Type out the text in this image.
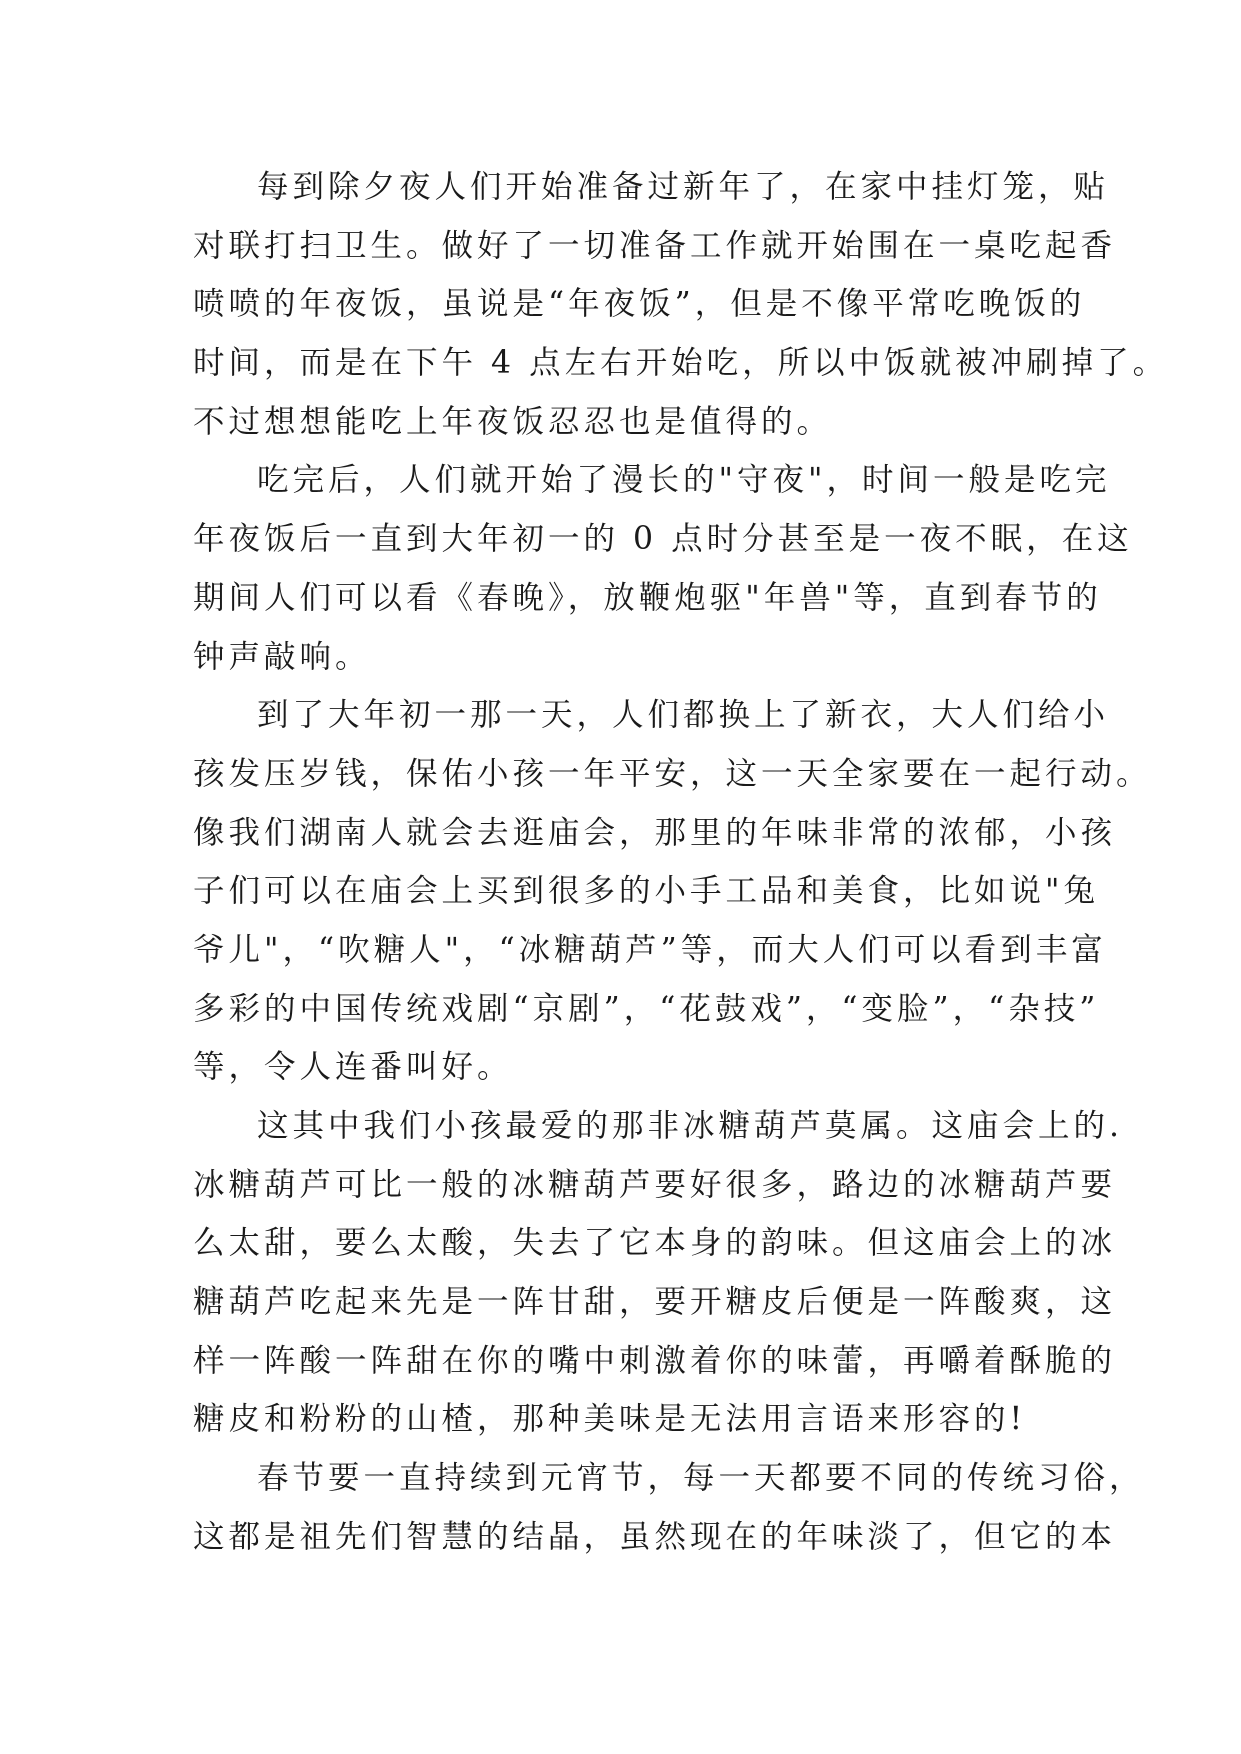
每到除夕夜人们开始准备过新年了，在家中挂灯笼，贴
对联打扫卫生。做好了一切准备工作就开始围在一桌吃起香
喷喷的年夜饭，虽说是“年夜饭”，但是不像平常吃晚饭的
时间，而是在下午 4 点左右开始吃，所以中饭就被冲刷掉了。
不过想想能吃上年夜饭忍忍也是值得的。

吃完后，人们就开始了漫长的"守夜"，时间一般是吃完
年夜饭后一直到大年初一的 0 点时分甚至是一夜不眠，在这
期间人们可以看《春晚》，放鞭炮驱"年兽"等，直到春节的
钟声敲响。

到了大年初一那一天，人们都换上了新衣，大人们给小
孩发压岁钱，保佑小孩一年平安，这一天全家要在一起行动。
像我们湖南人就会去逛庙会，那里的年味非常的浓郁，小孩
子们可以在庙会上买到很多的小手工品和美食，比如说"兔
爷儿"，“吹糖人"，“冰糖葫芦”等，而大人们可以看到丰富
多彩的中国传统戏剧“京剧”，“花鼓戏”，“变脸”，“杂技”
等，令人连番叫好。

这其中我们小孩最爱的那非冰糖葫芦莫属。这庙会上的.
冰糖葫芦可比一般的冰糖葫芦要好很多，路边的冰糖葫芦要
么太甜，要么太酸，失去了它本身的韵味。但这庙会上的冰
糖葫芦吃起来先是一阵甘甜，要开糖皮后便是一阵酸爽，这
样一阵酸一阵甜在你的嘴中刺激着你的味蕾，再嚼着酥脆的
糖皮和粉粉的山楂，那种美味是无法用言语来形容的!

春节要一直持续到元宵节，每一天都要不同的传统习俗，
这都是祖先们智慧的结晶，虽然现在的年味淡了，但它的本
